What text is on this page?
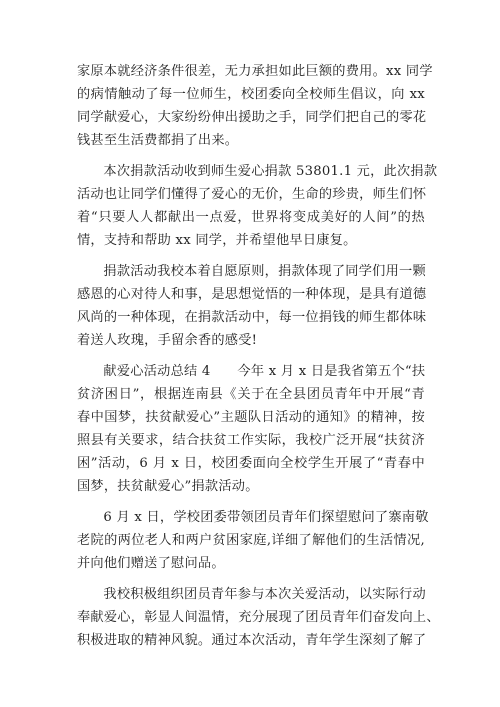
家原本就经济条件很差，无力承担如此巨额的费用。xx 同学
的病情触动了每一位师生，校团委向全校师生倡议，向 xx
同学献爱心，大家纷纷伸出援助之手，同学们把自己的零花
钱甚至生活费都捐了出来。
本次捐款活动收到师生爱心捐款 53801.1 元，此次捐款
活动也让同学们懂得了爱心的无价，生命的珍贵，师生们怀
着“只要人人都献出一点爱，世界将变成美好的人间”的热
情，支持和帮助 xx 同学，并希望他早日康复。
捐款活动我校本着自愿原则，捐款体现了同学们用一颗
感恩的心对待人和事，是思想觉悟的一种体现，是具有道德
风尚的一种体现，在捐款活动中，每一位捐钱的师生都体味
着送人玫瑰，手留余香的感受!
献爱心活动总结 4　　今年 x 月 x 日是我省第五个“扶
贫济困日”，根据连南县《关于在全县团员青年中开展“青
春中国梦，扶贫献爱心”主题队日活动的通知》的精神，按
照县有关要求，结合扶贫工作实际，我校广泛开展“扶贫济
困”活动，6 月 x 日，校团委面向全校学生开展了“青春中
国梦，扶贫献爱心”捐款活动。
6 月 x 日，学校团委带领团员青年们探望慰问了寨南敬
老院的两位老人和两户贫困家庭,详细了解他们的生活情况,
并向他们赠送了慰问品。
我校积极组织团员青年参与本次关爱活动，以实际行动
奉献爱心，彰显人间温情，充分展现了团员青年们奋发向上、
积极进取的精神风貌。通过本次活动，青年学生深刻了解了
